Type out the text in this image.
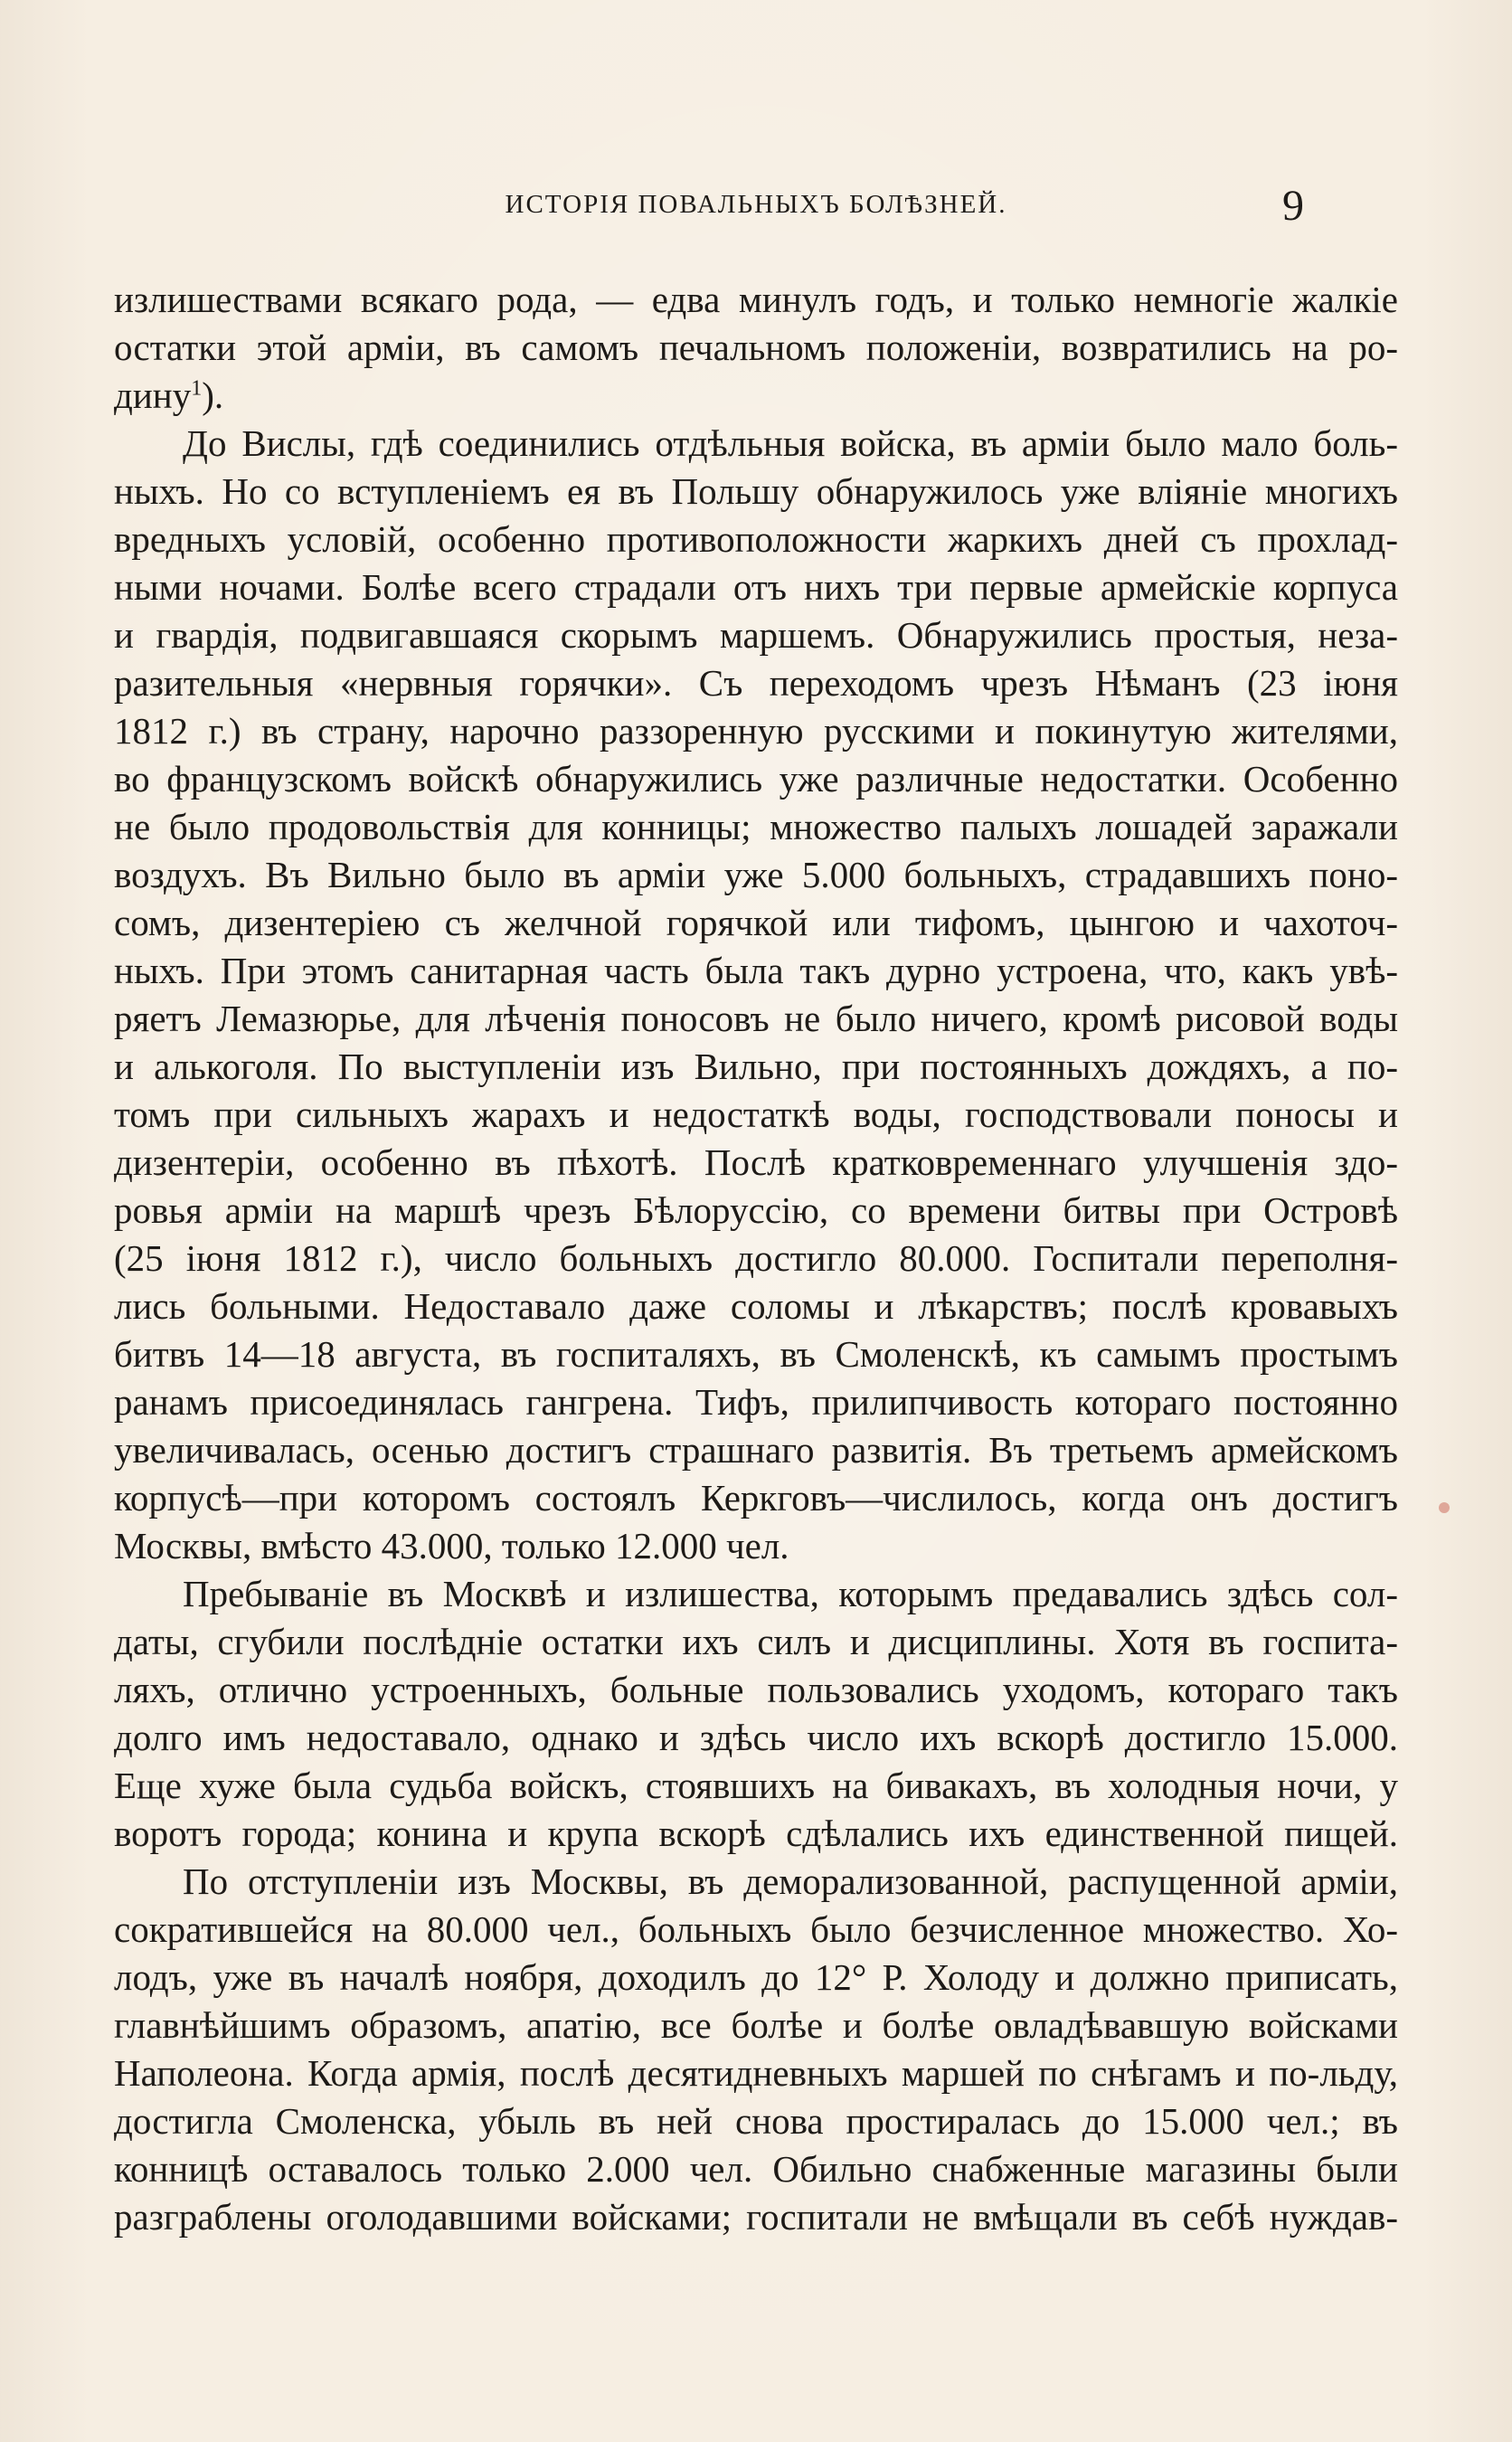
ИСТОРІЯ ПОВАЛЬНЫХЪ БОЛѢЗНЕЙ.	9
излишествами всякаго рода, — едва минулъ годъ, и только немногіе жалкіе
остатки этой арміи, въ самомъ печальномъ положеніи, возвратились на ро-
дину$^1$).
До Вислы, гдѣ соединились отдѣльныя войска, въ арміи было мало боль-
ныхъ. Но со вступленіемъ ея въ Польшу обнаружилось уже вліяніе многихъ
вредныхъ условій, особенно противоположности жаркихъ дней съ прохлад-
ными ночами. Болѣе всего страдали отъ нихъ три первые армейскіе корпуса
и гвардія, подвигавшаяся скорымъ маршемъ. Обнаружились простыя, неза-
разительныя «нервныя горячки». Съ переходомъ чрезъ Нѣманъ (23 іюня
1812 г.) въ страну, нарочно раззоренную русскими и покинутую жителями,
во французскомъ войскѣ обнаружились уже различные недостатки. Особенно
не было продовольствія для конницы; множество палыхъ лошадей заражали
воздухъ. Въ Вильно было въ арміи уже 5.000 больныхъ, страдавшихъ поно-
сомъ, дизентеріею съ желчной горячкой или тифомъ, цынгою и чахоточ-
ныхъ. При этомъ санитарная часть была такъ дурно устроена, что, какъ увѣ-
ряетъ Лемазюрье, для лѣченія поносовъ не было ничего, кромѣ рисовой воды
и алькоголя. По выступленіи изъ Вильно, при постоянныхъ дождяхъ, а по-
томъ при сильныхъ жарахъ и недостаткѣ воды, господствовали поносы и
дизентеріи, особенно въ пѣхотѣ. Послѣ кратковременнаго улучшенія здо-
ровья арміи на маршѣ чрезъ Бѣлоруссію, со времени битвы при Островѣ
(25 іюня 1812 г.), число больныхъ достигло 80.000. Госпитали переполня-
лись больными. Недоставало даже соломы и лѣкарствъ; послѣ кровавыхъ
битвъ 14—18 августа, въ госпиталяхъ, въ Смоленскѣ, къ самымъ простымъ
ранамъ присоединялась гангрена. Тифъ, прилипчивость котораго постоянно
увеличивалась, осенью достигъ страшнаго развитія. Въ третьемъ армейскомъ
корпусѣ—при которомъ состоялъ Керкговъ—числилось, когда онъ достигъ
Москвы, вмѣсто 43.000, только 12.000 чел.
Пребываніе въ Москвѣ и излишества, которымъ предавались здѣсь сол-
даты, сгубили послѣдніе остатки ихъ силъ и дисциплины. Хотя въ госпита-
ляхъ, отлично устроенныхъ, больные пользовались уходомъ, котораго такъ
долго имъ недоставало, однако и здѣсь число ихъ вскорѣ достигло 15.000.
Еще хуже была судьба войскъ, стоявшихъ на бивакахъ, въ холодныя ночи, у
воротъ города; конина и крупа вскорѣ сдѣлались ихъ единственной пищей.
По отступленіи изъ Москвы, въ деморализованной, распущенной арміи,
сократившейся на 80.000 чел., больныхъ было безчисленное множество. Хо-
лодъ, уже въ началѣ ноября, доходилъ до 12° Р. Холоду и должно приписать,
главнѣйшимъ образомъ, апатію, все болѣе и болѣе овладѣвавшую войсками
Наполеона. Когда армія, послѣ десятидневныхъ маршей по снѣгамъ и по-льду,
достигла Смоленска, убыль въ ней снова простиралась до 15.000 чел.; въ
конницѣ оставалось только 2.000 чел. Обильно снабженные магазины были
разграблены оголодавшими войсками; госпитали не вмѣщали въ себѣ нуждав-
